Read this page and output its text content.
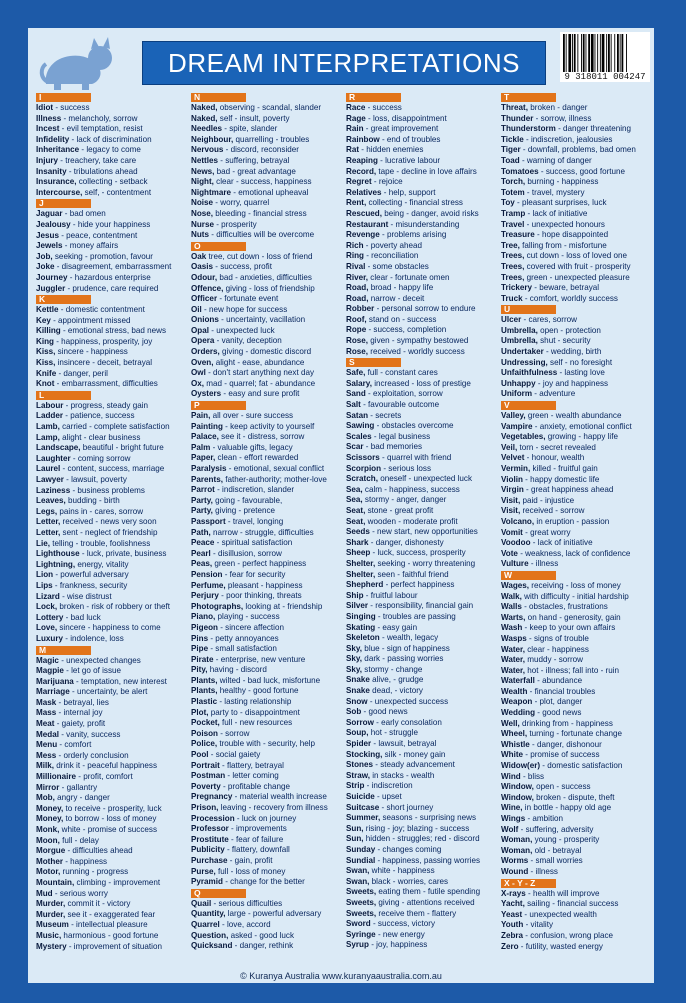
DREAM INTERPRETATIONS	9 318011 004247
I
Idiot - success
Illness - melancholy, sorrow
Incest - evil temptation, resist
Infidelity - lack of discrimination
Inheritance - legacy to come
Injury - treachery, take care
Insanity - tribulations ahead
Insurance, collecting - setback
Intercourse, self, - contentment
J
Jaguar - bad omen
Jealousy - hide your happiness
Jesus - peace, contentment
Jewels - money affairs
Job, seeking - promotion, favour
Joke - disagreement, embarrassment
Journey - hazardous enterprise
Juggler - prudence, care required
K
Kettle - domestic contentment
Key - appointment missed
Killing - emotional stress, bad news
King - happiness, prosperity, joy
Kiss, sincere - happiness
Kiss, insincere - deceit, betrayal
Knife - danger, peril
Knot - embarrassment, difficulties
L
Labour - progress, steady gain
Ladder - patience, success
Lamb, carried - complete satisfaction
Lamp, alight - clear business
Landscape, beautiful - bright future
Laughter - coming sorrow
Laurel - content, success, marriage
Lawyer - lawsuit, poverty
Laziness - business problems
Leaves, budding - birth
Legs, pains in - cares, sorrow
Letter, received - news very soon
Letter, sent - neglect of friendship
Lie, telling - trouble, foolishness
Lighthouse - luck, private, business
Lightning, energy, vitality
Lion - powerful adversary
Lips - frankness, security
Lizard - wise distrust
Lock, broken - risk of robbery or theft
Lottery - bad luck
Love, sincere - happiness to come
Luxury - indolence, loss
M
Magic - unexpected changes
Magpie - let go of issue
Marijuana - temptation, new interest
Marriage - uncertainty, be alert
Mask - betrayal, lies
Mass - internal joy
Meat - gaiety, profit
Medal - vanity, success
Menu - comfort
Mess - orderly conclusion
Milk, drink it - peaceful happiness
Millionaire - profit, comfort
Mirror - gallantry
Mob, angry - danger
Money, to receive - prosperity, luck
Money, to borrow - loss of money
Monk, white - promise of success
Moon, full - delay
Morgue - difficulties ahead
Mother - happiness
Motor, running - progress
Mountain, climbing - improvement
Mud - serious worry
Murder, commit it - victory
Murder, see it - exaggerated fear
Museum - intellectual pleasure
Music, harmonious - good fortune
Mystery - improvement of situation
N
Naked, observing - scandal, slander
Naked, self - insult, poverty
Needles - spite, slander
Neighbour, quarrelling - troubles
Nervous - discord, reconsider
Nettles - suffering, betrayal
News, bad - great advantage
Night, clear - success, happiness
Nightmare - emotional upheaval
Noise - worry, quarrel
Nose, bleeding - financial stress
Nurse - prosperity
Nuts - difficulties will be overcome
O
Oak tree, cut down - loss of friend
Oasis - success, profit
Odour, bad - anxieties, difficulties
Offence, giving - loss of friendship
Officer - fortunate event
Oil - new hope for success
Onions - uncertainty, vacillation
Opal - unexpected luck
Opera - vanity, deception
Orders, giving - domestic discord
Oven, alight - ease, abundance
Owl - don't start anything next day
Ox, mad - quarrel; fat - abundance
Oysters - easy and sure profit
P
Pain, all over - sure success
Painting - keep activity to yourself
Palace, see it - distress, sorrow
Palm - valuable gifts, legacy
Paper, clean - effort rewarded
Paralysis - emotional, sexual conflict
Parents, father-authority; mother-love
Parrot - indiscretion, slander
Party, going - favourable,
Party, giving - pretence
Passport - travel, longing
Path, narrow - struggle, difficulties
Peace - spiritual satisfaction
Pearl - disillusion, sorrow
Peas, green - perfect happiness
Pension - fear for security
Perfume, pleasant - happiness
Perjury - poor thinking, threats
Photographs, looking at - friendship
Piano, playing - success
Pigeon - sincere affection
Pins - petty annoyances
Pipe - small satisfaction
Pirate - enterprise, new venture
Pity, having - discord
Plants, wilted - bad luck, misfortune
Plants, healthy - good fortune
Plastic - lasting relationship
Plot, party to - disappointment
Pocket, full - new resources
Poison - sorrow
Police, trouble with - security, help
Pool - social gaiety
Portrait - flattery, betrayal
Postman - letter coming
Poverty - profitable change
Pregnancy - material wealth increase
Prison, leaving - recovery from illness
Procession - luck on journey
Professor - improvements
Prostitute - fear of failure
Publicity - flattery, downfall
Purchase - gain, profit
Purse, full - loss of money
Pyramid - change for the better
Q
Quail - serious difficulties
Quantity, large - powerful adversary
Quarrel - love, accord
Question, asked - good luck
Quicksand - danger, rethink
R
Race - success
Rage - loss, disappointment
Rain - great improvement
Rainbow - end of troubles
Rat - hidden enemies
Reaping - lucrative labour
Record, tape - decline in love affairs
Regret - rejoice
Relatives - help, support
Rent, collecting - financial stress
Rescued, being - danger, avoid risks
Restaurant - misunderstanding
Revenge - problems arising
Rich - poverty ahead
Ring - reconciliation
Rival - some obstacles
River, clear - fortunate omen
Road, broad - happy life
Road, narrow - deceit
Robber - personal sorrow to endure
Roof, stand on - success
Rope - success, completion
Rose, given - sympathy bestowed
Rose, received - worldly success
S
Safe, full - constant cares
Salary, increased - loss of prestige
Sand - exploitation, sorrow
Salt - favourable outcome
Satan - secrets
Sawing - obstacles overcome
Scales - legal business
Scar - bad memories
Scissors - quarrel with friend
Scorpion - serious loss
Scratch, oneself - unexpected luck
Sea, calm - happiness, success
Sea, stormy - anger, danger
Seat, stone - great profit
Seat, wooden - moderate profit
Seeds - new start, new opportunities
Shark - danger, dishonesty
Sheep - luck, success, prosperity
Shelter, seeking - worry threatening
Shelter, seen - faithful friend
Shepherd - perfect happiness
Ship - fruitful labour
Silver - responsibility, financial gain
Singing - troubles are passing
Skating - easy gain
Skeleton - wealth, legacy
Sky, blue - sign of happiness
Sky, dark - passing worries
Sky, stormy - change
Snake alive, - grudge
Snake dead, - victory
Snow - unexpected success
Sob - good news
Sorrow - early consolation
Soup, hot - struggle
Spider - lawsuit, betrayal
Stocking, silk - money gain
Stones - steady advancement
Straw, in stacks - wealth
Strip - indiscretion
Suicide - upset
Suitcase - short journey
Summer, seasons - surprising news
Sun, rising - joy; blazing - success
Sun, hidden - struggles; red - discord
Sunday - changes coming
Sundial - happiness, passing worries
Swan, white - happiness
Swan, black - worries, cares
Sweets, eating them - futile spending
Sweets, giving - attentions received
Sweets, receive them - flattery
Sword - success, victory
Syringe - new energy
Syrup - joy, happiness
T
Threat, broken - danger
Thunder - sorrow, illness
Thunderstorm - danger threatening
Tickle - indiscretion, jealousies
Tiger - downfall, problems, bad omen
Toad - warning of danger
Tomatoes - success, good fortune
Torch, burning - happiness
Totem - travel, mystery
Toy - pleasant surprises, luck
Tramp - lack of initiative
Travel - unexpected honours
Treasure - hope disappointed
Tree, falling from - misfortune
Trees, cut down - loss of loved one
Trees, covered with fruit - prosperity
Trees, green - unexpected pleasure
Trickery - beware, betrayal
Truck - comfort, worldly success
U
Ulcer - cares, sorrow
Umbrella, open - protection
Umbrella, shut - security
Undertaker - wedding, birth
Undressing, self - no foresight
Unfaithfulness - lasting love
Unhappy - joy and happiness
Uniform - adventure
V
Valley, green - wealth abundance
Vampire - anxiety, emotional conflict
Vegetables, growing - happy life
Veil, torn - secret revealed
Velvet - honour, wealth
Vermin, killed - fruitful gain
Violin - happy domestic life
Virgin - great happiness ahead
Visit, paid - injustice
Visit, received - sorrow
Volcano, in eruption - passion
Vomit - great worry
Voodoo - lack of initiative
Vote - weakness, lack of confidence
Vulture - illness
W
Wages, receiving - loss of money
Walk, with difficulty - initial hardship
Walls - obstacles, frustrations
Warts, on hand - generosity, gain
Wash - keep to your own affairs
Wasps - signs of trouble
Water, clear - happiness
Water, muddy - sorrow
Water, hot - illness; fall into - ruin
Waterfall - abundance
Wealth - financial troubles
Weapon - plot, danger
Wedding - good news
Well, drinking from - happiness
Wheel, turning - fortunate change
Whistle - danger, dishonour
White - promise of success
Widow(er) - domestic satisfaction
Wind - bliss
Window, open - success
Window, broken - dispute, theft
Wine, in bottle - happy old age
Wings - ambition
Wolf - suffering, adversity
Woman, young - prosperity
Woman, old - betrayal
Worms - small worries
Wound - illness
X - Y - Z
X-rays - health will improve
Yacht, sailing - financial success
Yeast - unexpected wealth
Youth - vitality
Zebra - confusion, wrong place
Zero - futility, wasted energy
© Kuranya Australia www.kuranyaaustralia.com.au
